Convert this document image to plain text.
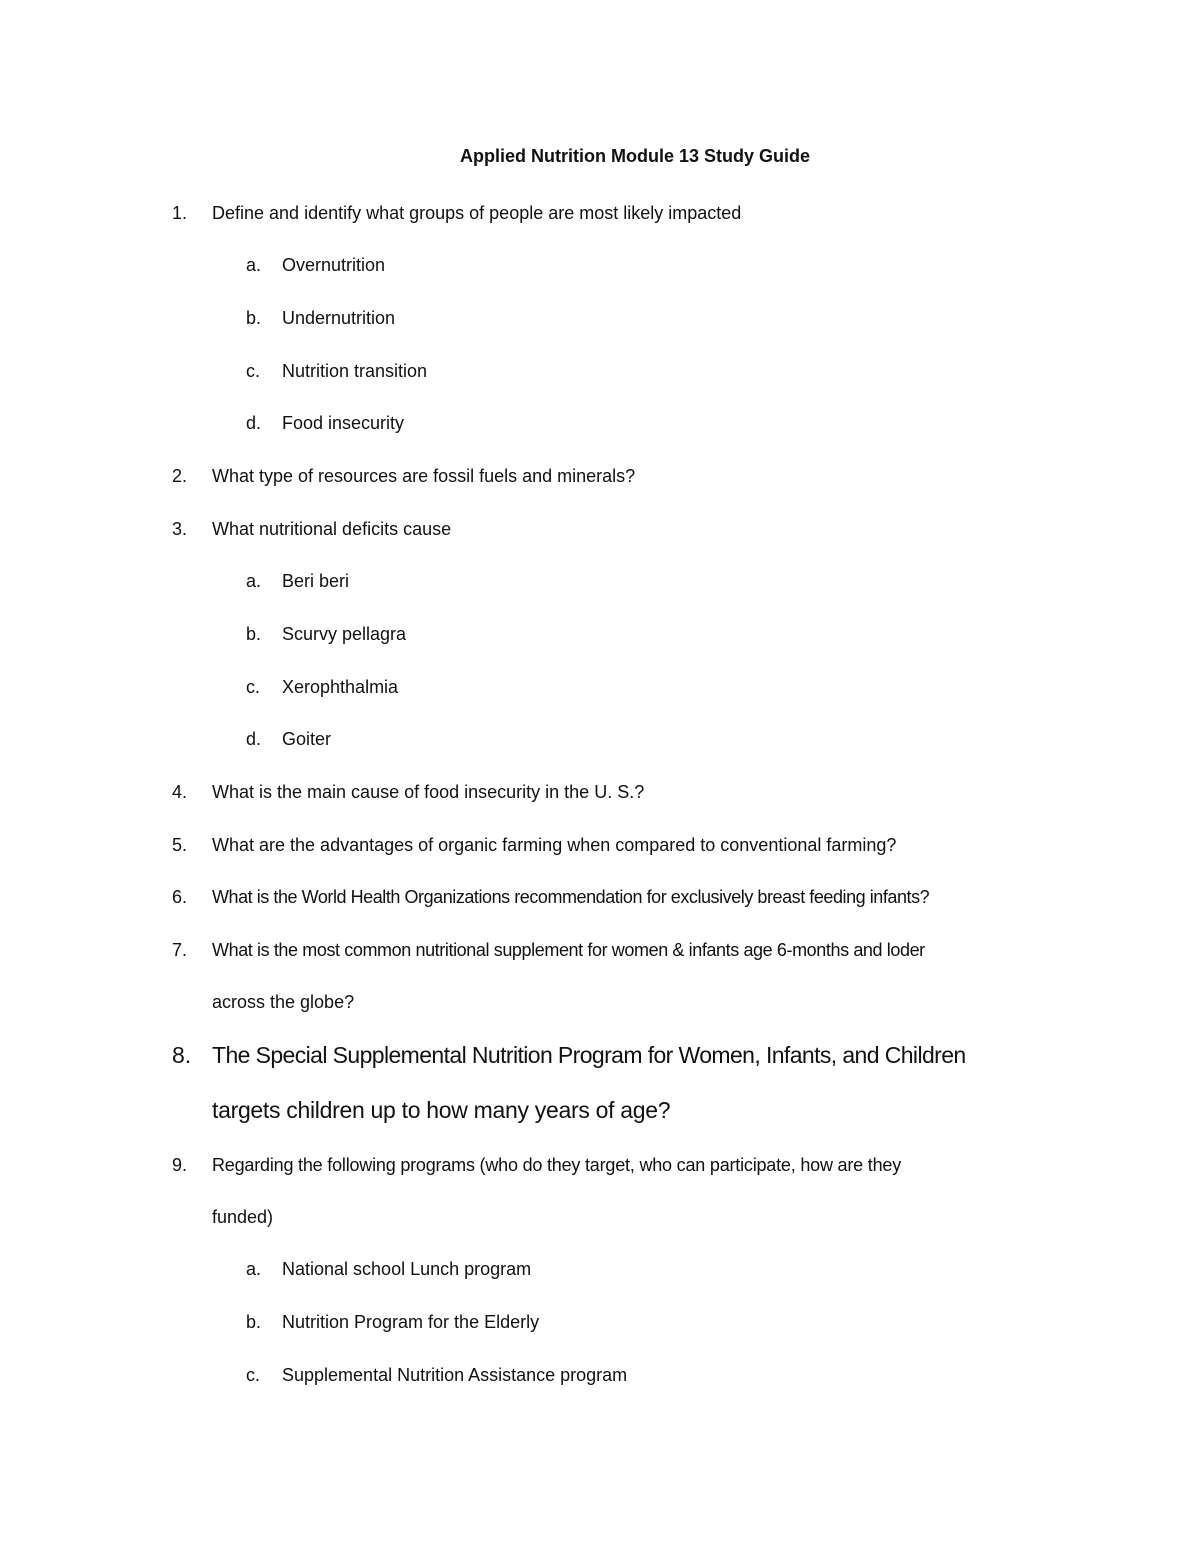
Applied Nutrition Module 13 Study Guide
1. Define and identify what groups of people are most likely impacted
a. Overnutrition
b. Undernutrition
c. Nutrition transition
d. Food insecurity
2. What type of resources are fossil fuels and minerals?
3. What nutritional deficits cause
a. Beri beri
b. Scurvy pellagra
c. Xerophthalmia
d. Goiter
4. What is the main cause of food insecurity in the U. S.?
5. What are the advantages of organic farming when compared to conventional farming?
6. What is the World Health Organizations recommendation for exclusively breast feeding infants?
7. What is the most common nutritional supplement for women & infants age 6-months and loder
across the globe?
8. The Special Supplemental Nutrition Program for Women, Infants, and Children
targets children up to how many years of age?
9. Regarding the following programs (who do they target, who can participate, how are they
funded)
a. National school Lunch program
b. Nutrition Program for the Elderly
c. Supplemental Nutrition Assistance program
